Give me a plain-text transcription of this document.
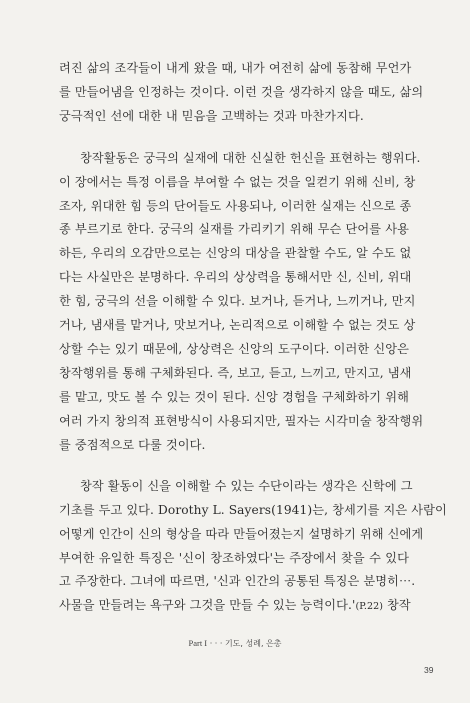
려진 삶의 조각들이 내게 왔을 때, 내가 여전히 삶에 동참해 무언가
를 만들어냄을 인정하는 것이다. 이런 것을 생각하지 않을 때도, 삶의
궁극적인 선에 대한 내 믿음을 고백하는 것과 마찬가지다.
창작활동은 궁극의 실재에 대한 신실한 헌신을 표현하는 행위다.
이 장에서는 특정 이름을 부여할 수 없는 것을 일컫기 위해 신비, 창
조자, 위대한 힘 등의 단어들도 사용되나, 이러한 실재는 신으로 종
종 부르기로 한다. 궁극의 실재를 가리키기 위해 무슨 단어를 사용
하든, 우리의 오감만으로는 신앙의 대상을 관찰할 수도, 알 수도 없
다는 사실만은 분명하다. 우리의 상상력을 통해서만 신, 신비, 위대
한 힘, 궁극의 선을 이해할 수 있다. 보거나, 듣거나, 느끼거나, 만지
거나, 냄새를 맡거나, 맛보거나, 논리적으로 이해할 수 없는 것도 상
상할 수는 있기 때문에, 상상력은 신앙의 도구이다. 이러한 신앙은
창작행위를 통해 구체화된다. 즉, 보고, 듣고, 느끼고, 만지고, 냄새
를 맡고, 맛도 볼 수 있는 것이 된다. 신앙 경험을 구체화하기 위해
여러 가지 창의적 표현방식이 사용되지만, 필자는 시각미술 창작행위
를 중점적으로 다룰 것이다.
창작 활동이 신을 이해할 수 있는 수단이라는 생각은 신학에 그
기초를 두고 있다. Dorothy L. Sayers(1941)는, 창세기를 지은 사람이
어떻게 인간이 신의 형상을 따라 만들어졌는지 설명하기 위해 신에게
부여한 유일한 특징은 '신이 창조하였다'는 주장에서 찾을 수 있다
고 주장한다. 그녀에 따르면, '신과 인간의 공통된 특징은 분명히⋯.
사물을 만들려는 욕구와 그것을 만들 수 있는 능력이다.'(P.22) 창작
Part I · · · 기도, 성례, 은총
39
